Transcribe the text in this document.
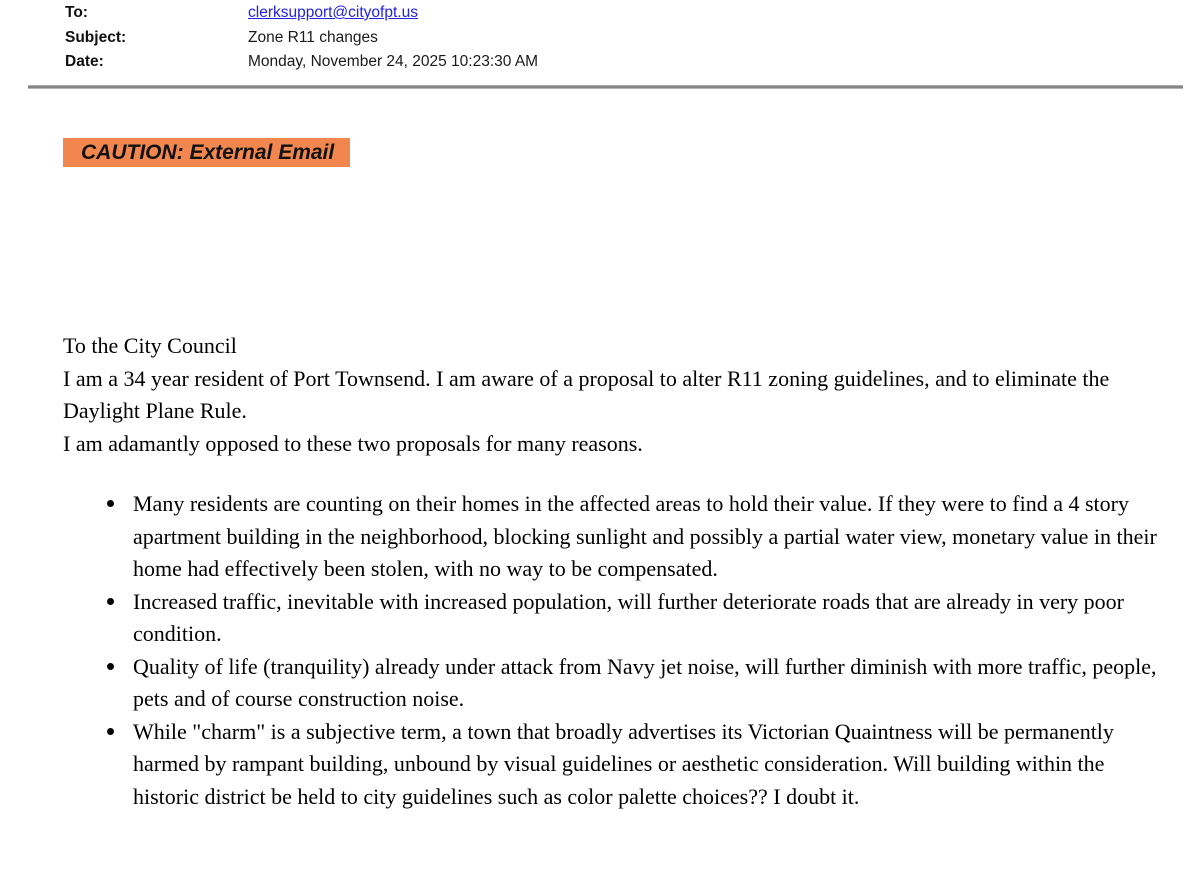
To:	clerksupport@cityofpt.us
Subject:	Zone R11 changes
Date:	Monday, November 24, 2025 10:23:30 AM
CAUTION: External Email

To the City Council

I am a 34 year resident of Port Townsend. I am aware of a proposal to alter R11 zoning guidelines, and to eliminate the Daylight Plane Rule.

I am adamantly opposed to these two proposals for many reasons.

Many residents are counting on their homes in the affected areas to hold their value. If they were to find a 4 story apartment building in the neighborhood, blocking sunlight and possibly a partial water view, monetary value in their home had effectively been stolen, with no way to be compensated.
Increased traffic, inevitable with increased population, will further deteriorate roads that are already in very poor condition.
Quality of life (tranquility) already under attack from Navy jet noise, will further diminish with more traffic, people, pets and of course construction noise.
While "charm" is a subjective term, a town that broadly advertises its Victorian Quaintness will be permanently harmed by rampant building, unbound by visual guidelines or aesthetic consideration. Will building within the historic district be held to city guidelines such as color palette choices?? I doubt it.
